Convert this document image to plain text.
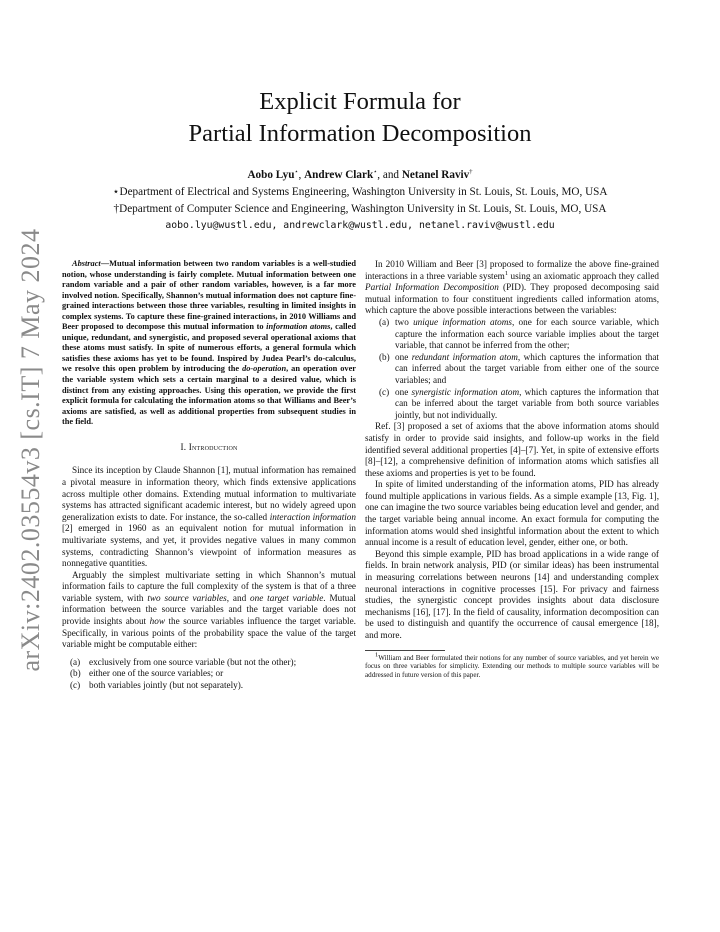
arXiv:2402.03554v3 [cs.IT] 7 May 2024
Explicit Formula for
Partial Information Decomposition
Aobo Lyu⋆, Andrew Clark⋆, and Netanel Raviv†
⋆Department of Electrical and Systems Engineering, Washington University in St. Louis, St. Louis, MO, USA
†Department of Computer Science and Engineering, Washington University in St. Louis, St. Louis, MO, USA
aobo.lyu@wustl.edu, andrewclark@wustl.edu, netanel.raviv@wustl.edu

Abstract—Mutual information between two random variables is a well-studied notion, whose understanding is fairly complete. Mutual information between one random variable and a pair of other random variables, however, is a far more involved notion. Specifically, Shannon’s mutual information does not capture fine-grained interactions between those three variables, resulting in limited insights in complex systems. To capture these fine-grained interactions, in 2010 Williams and Beer proposed to decompose this mutual information to information atoms, called unique, redundant, and synergistic, and proposed several operational axioms that these atoms must satisfy. In spite of numerous efforts, a general formula which satisfies these axioms has yet to be found. Inspired by Judea Pearl’s do-calculus, we resolve this open problem by introducing the do-operation, an operation over the variable system which sets a certain marginal to a desired value, which is distinct from any existing approaches. Using this operation, we provide the first explicit formula for calculating the information atoms so that Williams and Beer’s axioms are satisfied, as well as additional properties from subsequent studies in the field.

I. Introduction

Since its inception by Claude Shannon [1], mutual information has remained a pivotal measure in information theory, which finds extensive applications across multiple other domains. Extending mutual information to multivariate systems has attracted significant academic interest, but no widely agreed upon generalization exists to date. For instance, the so-called interaction information [2] emerged in 1960 as an equivalent notion for mutual information in multivariate systems, and yet, it provides negative values in many common systems, contradicting Shannon’s viewpoint of information measures as nonnegative quantities.

Arguably the simplest multivariate setting in which Shannon’s mutual information fails to capture the full complexity of the system is that of a three variable system, with two source variables, and one target variable. Mutual information between the source variables and the target variable does not provide insights about how the source variables influence the target variable. Specifically, in various points of the probability space the value of the target variable might be computable either:

(a) exclusively from one source variable (but not the other);
(b) either one of the source variables; or
(c) both variables jointly (but not separately).

In 2010 William and Beer [3] proposed to formalize the above fine-grained interactions in a three variable system$^1$ using an axiomatic approach they called Partial Information Decomposition (PID). They proposed decomposing said mutual information to four constituent ingredients called information atoms, which capture the above possible interactions between the variables:

(a) two unique information atoms, one for each source variable, which capture the information each source variable implies about the target variable, that cannot be inferred from the other;
(b) one redundant information atom, which captures the information that can inferred about the target variable from either one of the source variables; and
(c) one synergistic information atom, which captures the information that can be inferred about the target variable from both source variables jointly, but not individually.

Ref. [3] proposed a set of axioms that the above information atoms should satisfy in order to provide said insights, and follow-up works in the field identified several additional properties [4]–[7]. Yet, in spite of extensive efforts [8]–[12], a comprehensive definition of information atoms which satisfies all these axioms and properties is yet to be found.

In spite of limited understanding of the information atoms, PID has already found multiple applications in various fields. As a simple example [13, Fig. 1], one can imagine the two source variables being education level and gender, and the target variable being annual income. An exact formula for computing the information atoms would shed insightful information about the extent to which annual income is a result of education level, gender, either one, or both.

Beyond this simple example, PID has broad applications in a wide range of fields. In brain network analysis, PID (or similar ideas) has been instrumental in measuring correlations between neurons [14] and understanding complex neuronal interactions in cognitive processes [15]. For privacy and fairness studies, the synergistic concept provides insights about data disclosure mechanisms [16], [17]. In the field of causality, information decomposition can be used to distinguish and quantify the occurrence of causal emergence [18], and more.

$^1$William and Beer formulated their notions for any number of source variables, and yet herein we focus on three variables for simplicity. Extending our methods to multiple source variables will be addressed in future version of this paper.
